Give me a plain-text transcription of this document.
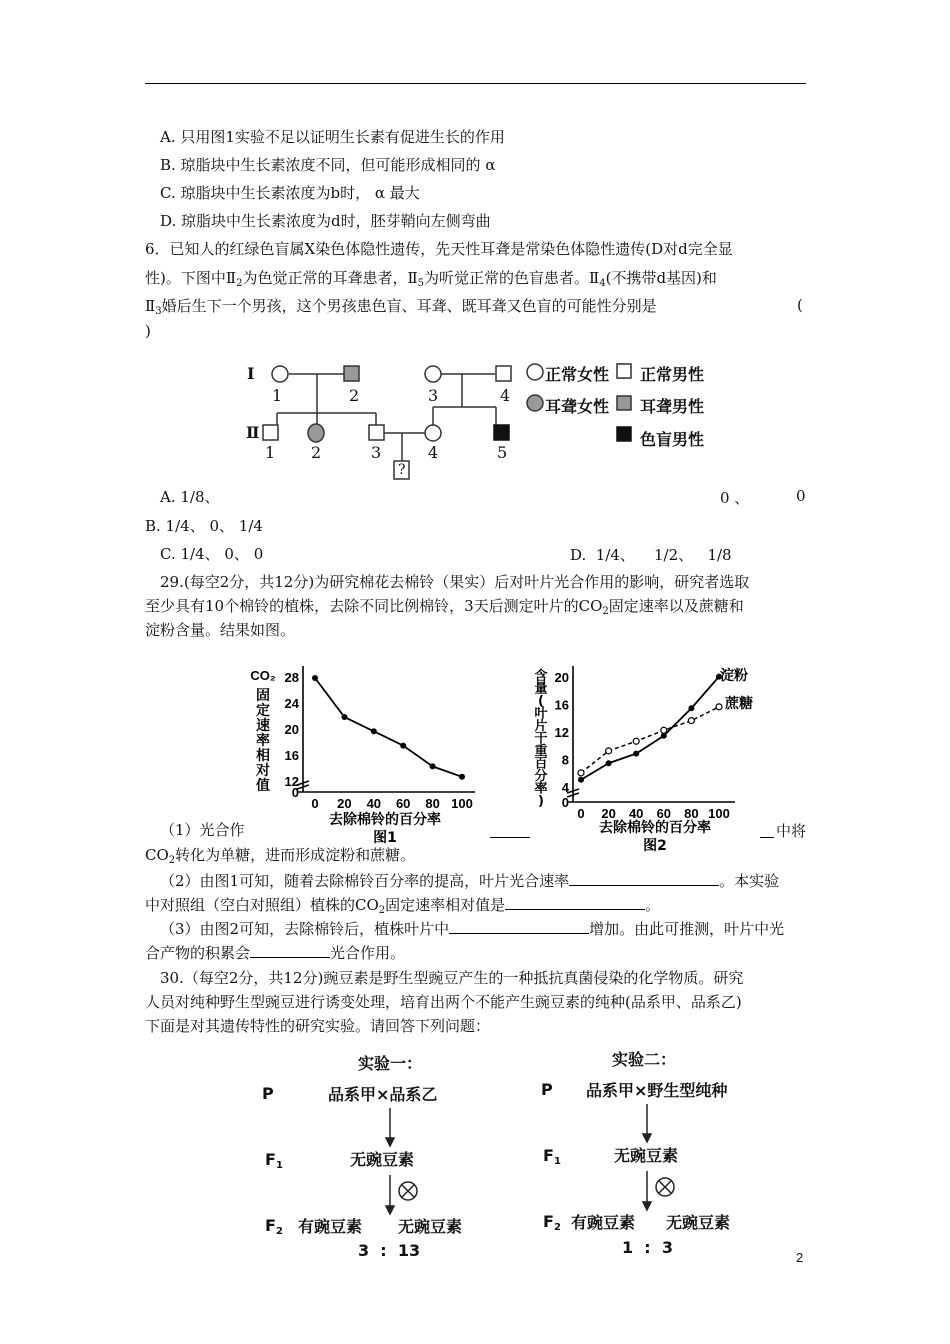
A. 只用图1实验不足以证明生长素有促进生长的作用
B. 琼脂块中生长素浓度不同，但可能形成相同的 α
C. 琼脂块中生长素浓度为b时， α 最大
D. 琼脂块中生长素浓度为d时，胚芽鞘向左侧弯曲
6．已知人的红绿色盲属X染色体隐性遗传，先天性耳聋是常染色体隐性遗传(D对d完全显
性)。下图中$Ⅱ_2$为色觉正常的耳聋患者，$Ⅱ_5$为听觉正常的色盲患者。$Ⅱ_4$(不携带d基因)和
$Ⅱ_3$婚后生下一个男孩，这个男孩患色盲、耳聋、既耳聋又色盲的可能性分别是	(
)
I
Ⅱ
1	2	3	4
1 2	3	4	5
?
正常女性 正常男性
耳聋女性 耳聋男性
色盲男性
A. 1/8、	0 、	0
B. 1/4、 0、 1/4
C. 1/4、 0、 0	D.  1/4、    1/2、   1/8
29.(每空2分，共12分)为研究棉花去棉铃（果实）后对叶片光合作用的影响，研究者选取
至少具有10个棉铃的植株，去除不同比例棉铃，3天后测定叶片的$CO_2$固定速率以及蔗糖和
淀粉含量。结果如图。
CO₂
固
定
速
率
相
对
值 0
12
16
20
24
28
0 20 40 60 80 100
去除棉铃的百分率
图1
含
量
(
叶
片
干
重
百
分
率
) 0
4
8
12
16
20
0 20 40 60 80 100
淀粉
蔗糖
去除棉铃的百分率
图2
（1）光合作	中将
$CO_2$转化为单糖，进而形成淀粉和蔗糖。
（2）由图1可知，随着去除棉铃百分率的提高，叶片光合速率	。本实验
中对照组（空白对照组）植株的$CO_2$固定速率相对值是	。
（3）由图2可知，去除棉铃后，植株叶片中	增加。由此可推测，叶片中光
合产物的积累会	光合作用。
30.（每空2分，共12分)豌豆素是野生型豌豆产生的一种抵抗真菌侵染的化学物质。研究
人员对纯种野生型豌豆进行诱变处理，培育出两个不能产生豌豆素的纯种(品系甲、品系乙)
下面是对其遗传特性的研究实验。请回答下列问题：
实验一：
P	品系甲×品系乙
$F_1$	无豌豆素
$F_2$ 有豌豆素 无豌豆素
3  :  13
实验二：
P 品系甲×野生型纯种
$F_1$	无豌豆素
$F_2$ 有豌豆素 无豌豆素
1  :  3
2
